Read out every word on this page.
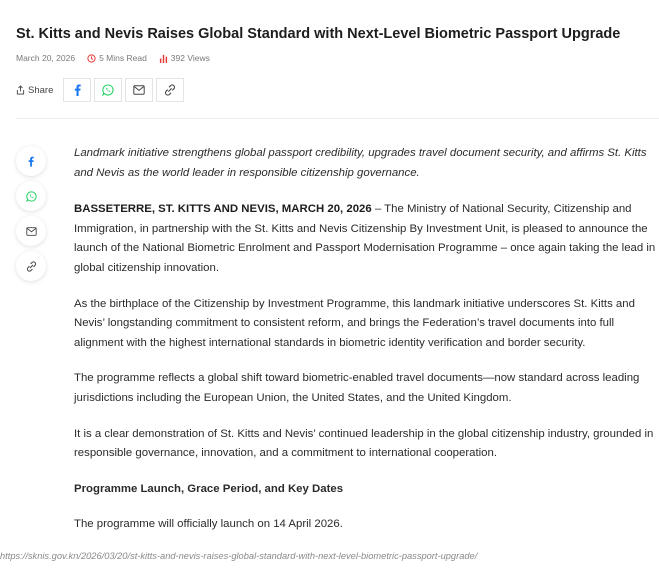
St. Kitts and Nevis Raises Global Standard with Next-Level Biometric Passport Upgrade
March 20, 2026	5 Mins Read	392 Views
Share

Landmark initiative strengthens global passport credibility, upgrades travel document security, and affirms St. Kitts and Nevis as the world leader in responsible citizenship governance.

BASSETERRE, ST. KITTS AND NEVIS, MARCH 20, 2026 – The Ministry of National Security, Citizenship and Immigration, in partnership with the St. Kitts and Nevis Citizenship By Investment Unit, is pleased to announce the launch of the National Biometric Enrolment and Passport Modernisation Programme – once again taking the lead in global citizenship innovation.

As the birthplace of the Citizenship by Investment Programme, this landmark initiative underscores St. Kitts and Nevis’ longstanding commitment to consistent reform, and brings the Federation’s travel documents into full alignment with the highest international standards in biometric identity verification and border security.

The programme reflects a global shift toward biometric-enabled travel documents—now standard across leading jurisdictions including the European Union, the United States, and the United Kingdom.

It is a clear demonstration of St. Kitts and Nevis’ continued leadership in the global citizenship industry, grounded in responsible governance, innovation, and a commitment to international cooperation.

Programme Launch, Grace Period, and Key Dates

The programme will officially launch on 14 April 2026.

https://sknis.gov.kn/2026/03/20/st-kitts-and-nevis-raises-global-standard-with-next-level-biometric-passport-upgrade/
